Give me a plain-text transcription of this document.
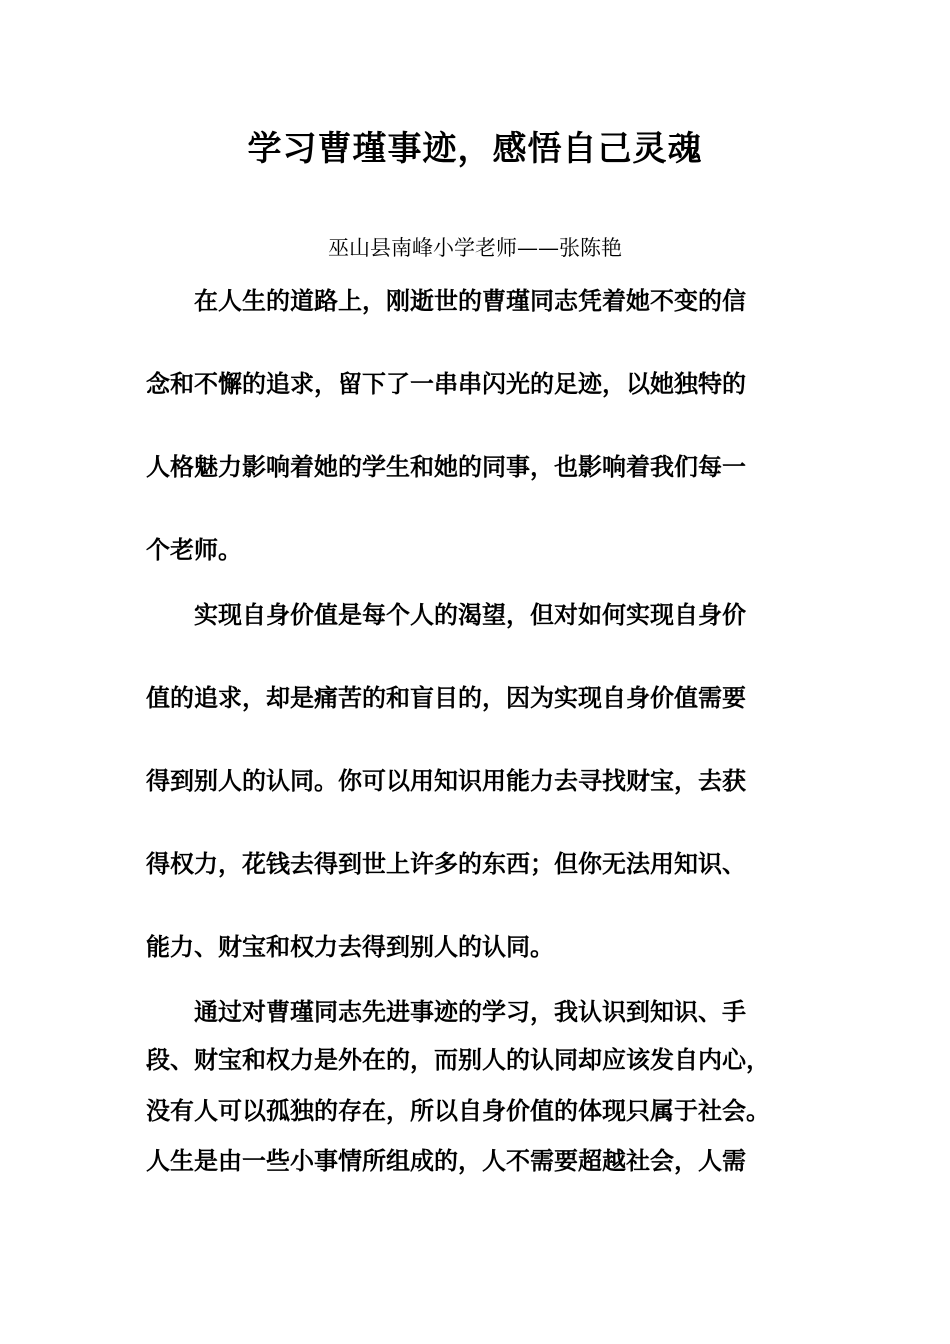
学习曹瑾事迹，感悟自己灵魂
巫山县南峰小学老师——张陈艳
在人生的道路上，刚逝世的曹瑾同志凭着她不变的信
念和不懈的追求，留下了一串串闪光的足迹，以她独特的
人格魅力影响着她的学生和她的同事，也影响着我们每一
个老师。
实现自身价值是每个人的渴望，但对如何实现自身价
值的追求，却是痛苦的和盲目的，因为实现自身价值需要
得到别人的认同。你可以用知识用能力去寻找财宝，去获
得权力，花钱去得到世上许多的东西；但你无法用知识、
能力、财宝和权力去得到别人的认同。
通过对曹瑾同志先进事迹的学习，我认识到知识、手
段、财宝和权力是外在的，而别人的认同却应该发自内心，
没有人可以孤独的存在，所以自身价值的体现只属于社会。
人生是由一些小事情所组成的，人不需要超越社会，人需
